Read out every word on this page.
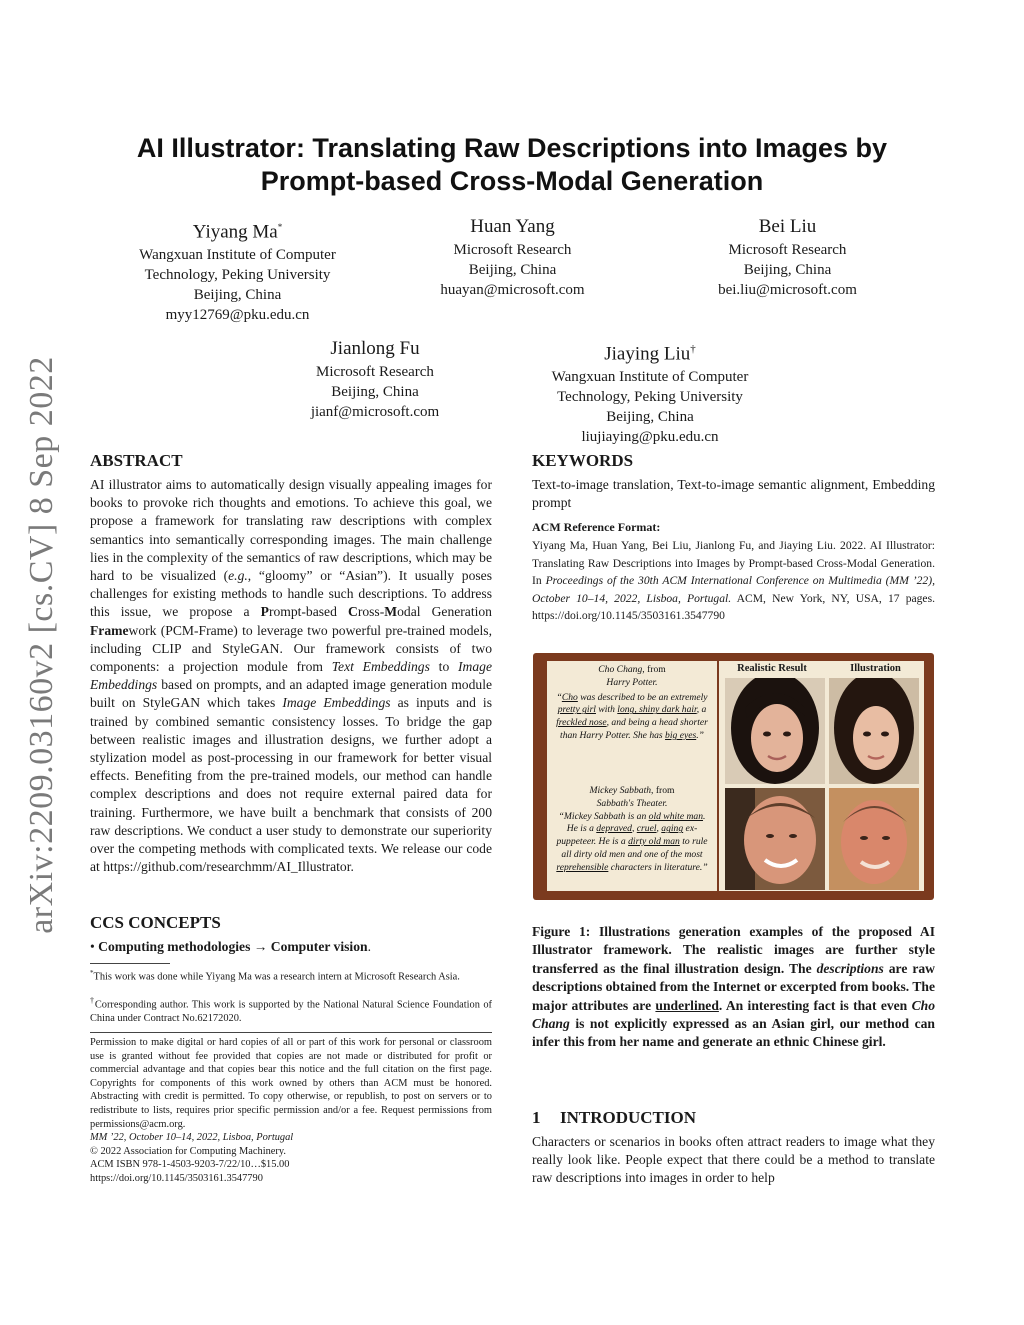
arXiv:2209.03160v2 [cs.CV] 8 Sep 2022
AI Illustrator: Translating Raw Descriptions into Images by
Prompt-based Cross-Modal Generation
Yiyang Ma*
Wangxuan Institute of Computer
Technology, Peking University
Beijing, China
myy12769@pku.edu.cn
Huan Yang
Microsoft Research
Beijing, China
huayan@microsoft.com
Bei Liu
Microsoft Research
Beijing, China
bei.liu@microsoft.com
Jianlong Fu
Microsoft Research
Beijing, China
jianf@microsoft.com
Jiaying Liu†
Wangxuan Institute of Computer
Technology, Peking University
Beijing, China
liujiaying@pku.edu.cn
ABSTRACT
AI illustrator aims to automatically design visually appealing images for books to provoke rich thoughts and emotions. To achieve this goal, we propose a framework for translating raw descriptions with complex semantics into semantically corresponding images. The main challenge lies in the complexity of the semantics of raw descriptions, which may be hard to be visualized (e.g., “gloomy” or “Asian”). It usually poses challenges for existing methods to handle such descriptions. To address this issue, we propose a Prompt-based Cross-Modal Generation Framework (PCM-Frame) to leverage two powerful pre-trained models, including CLIP and StyleGAN. Our framework consists of two components: a projection module from Text Embeddings to Image Embeddings based on prompts, and an adapted image generation module built on StyleGAN which takes Image Embeddings as inputs and is trained by combined semantic consistency losses. To bridge the gap between realistic images and illustration designs, we further adopt a stylization model as post-processing in our framework for better visual effects. Benefiting from the pre-trained models, our method can handle complex descriptions and does not require external paired data for training. Furthermore, we have built a benchmark that consists of 200 raw descriptions. We conduct a user study to demonstrate our superiority over the competing methods with complicated texts. We release our code at https://github.com/researchmm/AI_Illustrator.
CCS CONCEPTS
• Computing methodologies → Computer vision.
*This work was done while Yiyang Ma was a research intern at Microsoft Research Asia.
†Corresponding author. This work is supported by the National Natural Science Foundation of China under Contract No.62172020.
Permission to make digital or hard copies of all or part of this work for personal or classroom use is granted without fee provided that copies are not made or distributed for profit or commercial advantage and that copies bear this notice and the full citation on the first page. Copyrights for components of this work owned by others than ACM must be honored. Abstracting with credit is permitted. To copy otherwise, or republish, to post on servers or to redistribute to lists, requires prior specific permission and/or a fee. Request permissions from permissions@acm.org.
MM ’22, October 10–14, 2022, Lisboa, Portugal
© 2022 Association for Computing Machinery.
ACM ISBN 978-1-4503-9203-7/22/10…$15.00
https://doi.org/10.1145/3503161.3547790
KEYWORDS
Text-to-image translation, Text-to-image semantic alignment, Embedding prompt
ACM Reference Format:
Yiyang Ma, Huan Yang, Bei Liu, Jianlong Fu, and Jiaying Liu. 2022. AI Illustrator: Translating Raw Descriptions into Images by Prompt-based Cross-Modal Generation. In Proceedings of the 30th ACM International Conference on Multimedia (MM ’22), October 10–14, 2022, Lisboa, Portugal. ACM, New York, NY, USA, 17 pages. https://doi.org/10.1145/3503161.3547790
Cho Chang, from
Harry Potter.
“Cho was described to be an extremely pretty girl with long, shiny dark hair, a freckled nose, and being a head shorter than Harry Potter. She has big eyes.”
Mickey Sabbath, from
Sabbath's Theater.
“Mickey Sabbath is an old white man. He is a depraved, cruel, aging ex-puppeteer. He is a dirty old man to rule all dirty old men and one of the most reprehensible characters in literature.”
Realistic Result	Illustration
Figure 1: Illustrations generation examples of the proposed AI Illustrator framework. The realistic images are further style transferred as the final illustration design. The descriptions are raw descriptions obtained from the Internet or excerpted from books. The major attributes are underlined. An interesting fact is that even Cho Chang is not explicitly expressed as an Asian girl, our method can infer this from her name and generate an ethnic Chinese girl.
1 INTRODUCTION
Characters or scenarios in books often attract readers to image what they really look like. People expect that there could be a method to translate raw descriptions into images in order to help
